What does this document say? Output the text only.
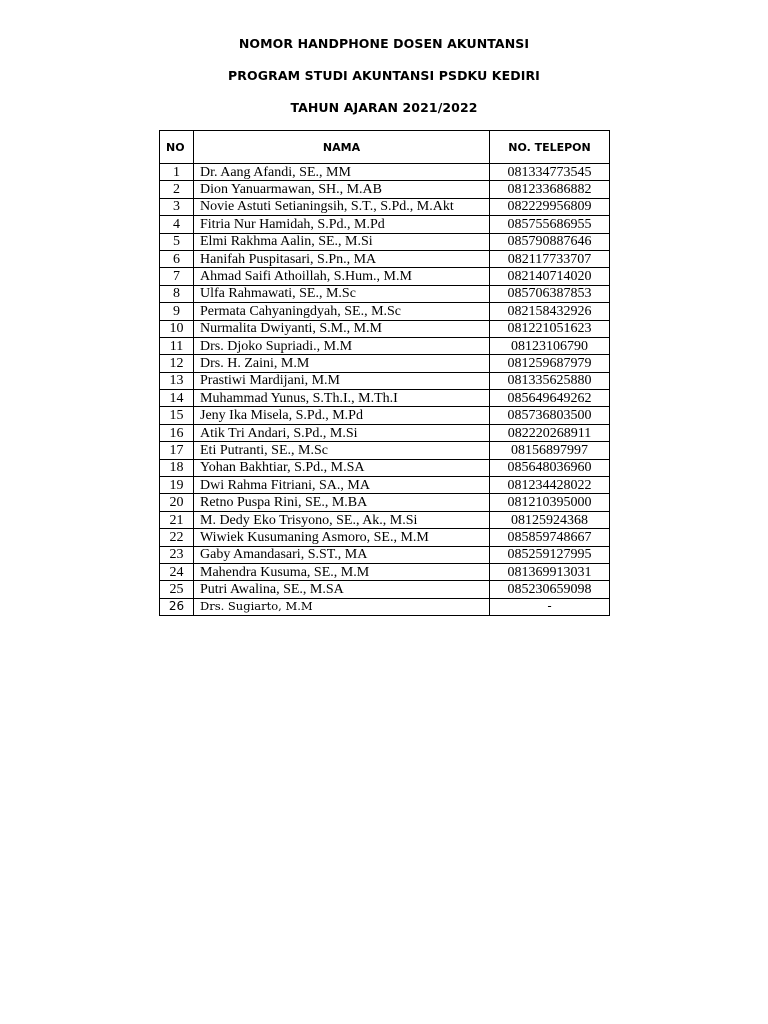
NOMOR HANDPHONE DOSEN AKUNTANSI
PROGRAM STUDI AKUNTANSI PSDKU KEDIRI
TAHUN AJARAN 2021/2022
NO	NAMA	NO. TELEPON
1	Dr. Aang Afandi, SE., MM	081334773545
2	Dion Yanuarmawan, SH., M.AB	081233686882
3	Novie Astuti Setianingsih, S.T., S.Pd., M.Akt	082229956809
4	Fitria Nur Hamidah, S.Pd., M.Pd	085755686955
5	Elmi Rakhma Aalin, SE., M.Si	085790887646
6	Hanifah Puspitasari, S.Pn., MA	082117733707
7	Ahmad Saifi Athoillah, S.Hum., M.M	082140714020
8	Ulfa Rahmawati, SE., M.Sc	085706387853
9	Permata Cahyaningdyah, SE., M.Sc	082158432926
10	Nurmalita Dwiyanti, S.M., M.M	081221051623
11	Drs. Djoko Supriadi., M.M	08123106790
12	Drs. H. Zaini, M.M	081259687979
13	Prastiwi Mardijani, M.M	081335625880
14	Muhammad Yunus, S.Th.I., M.Th.I	085649649262
15	Jeny Ika Misela, S.Pd., M.Pd	085736803500
16	Atik Tri Andari, S.Pd., M.Si	082220268911
17	Eti Putranti, SE., M.Sc	08156897997
18	Yohan Bakhtiar, S.Pd., M.SA	085648036960
19	Dwi Rahma Fitriani, SA., MA	081234428022
20	Retno Puspa Rini, SE., M.BA	081210395000
21	M. Dedy Eko Trisyono, SE., Ak., M.Si	08125924368
22	Wiwiek Kusumaning Asmoro, SE., M.M	085859748667
23	Gaby Amandasari, S.ST., MA	085259127995
24	Mahendra Kusuma, SE., M.M	081369913031
25	Putri Awalina, SE., M.SA	085230659098
26	Drs. Sugiarto, M.M	-
